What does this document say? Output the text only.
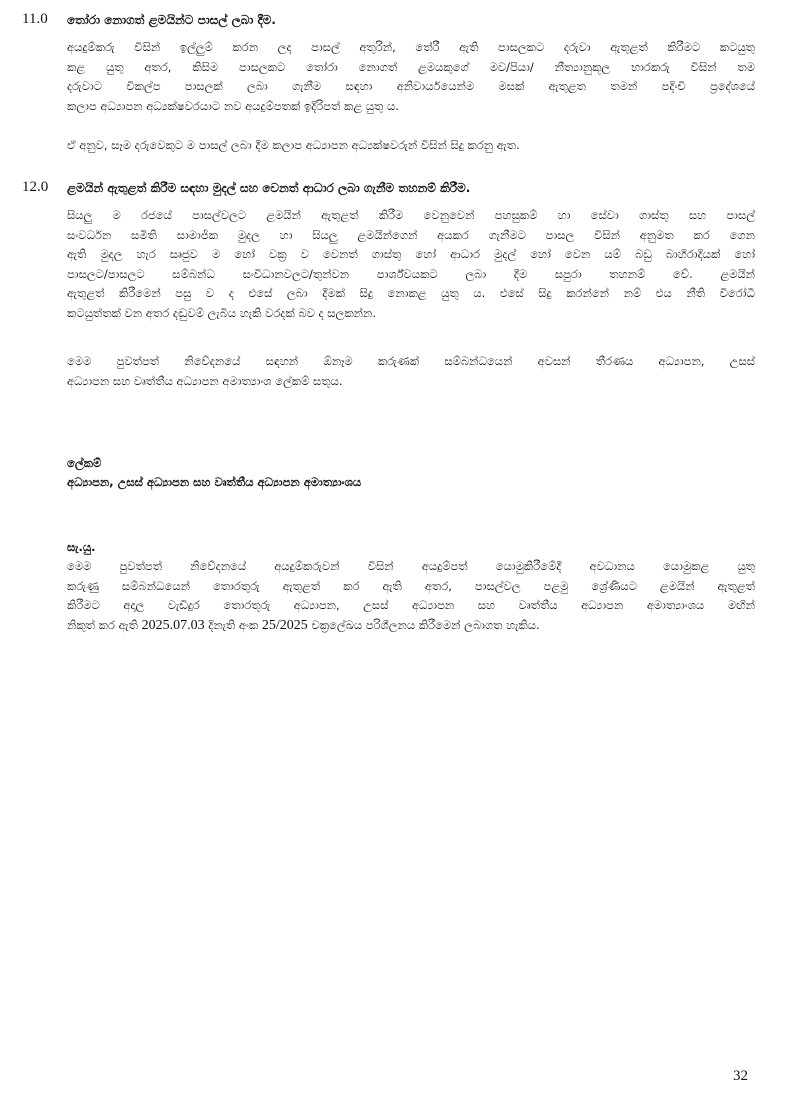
11.0 තෝරා නොගත් ළමයින්ට පාසල් ලබා දීම.
අයදුම්කරු විසින් ඉල්ලුම් කරන ලද පාසල් අතුරින්, තේරී ඇති පාසලකට දරුවා ඇතුළත් කිරීමට කටයුතු
කළ යුතු අතර, කිසිම පාසලකට තෝරා නොගත් ළමයකුගේ මව/පියා/ නීත්‍යානුකූල භාරකරු විසින් තම
දරුවාට විකල්ප පාසලක් ලබා ගැනීම සඳහා අනිවාර්යයෙන්ම මසක් ඇතුළත තමන් පදිංචි ප්‍රදේශයේ
කලාප අධ්‍යාපන අධ්‍යක්ෂවරයාට නව අයදුම්පතක් ඉදිරිපත් කළ යුතු ය.
ඒ අනුව, සෑම දරුවෙකුට ම පාසල් ලබා දීම කලාප අධ්‍යාපන අධ්‍යක්ෂවරුන් විසින් සිදු කරනු ඇත.
12.0 ළමයින් ඇතුළත් කිරීම සඳහා මුදල් සහ වෙනත් ආධාර ලබා ගැනීම තහනම් කිරීම.
සියලු ම රජයේ පාසල්වලට ළමයින් ඇතුළත් කිරීම වෙනුවෙන් පහසුකම් හා සේවා ගාස්තු සහ පාසල්
සංවර්ධන සමිති සාමාජික මුදල හා සියලු ළමයින්ගෙන් අයකර ගැනීමට පාසල විසින් අනුමත කර ගෙන
ඇති මුදල හැර සෘජුව ම හෝ වක්‍ර ව වෙනත් ගාස්තු හෝ ආධාර මුදල් හෝ වෙන යම් බඩු බාහිරාදියක් හෝ
පාසලට/පාසලට සම්බන්ධ සංවිධානවලට/තුන්වන පාර්ශ්වයකට ලබා දීම සපුරා තහනම් වේ. ළමයින්
ඇතුළත් කිරීමෙන් පසු ව ද එසේ ලබා දීමක් සිදු නොකළ යුතු ය. එසේ සිදු කරන්නේ නම් එය නීති විරෝධී
කටයුත්තක් වන අතර දඬුවම් ලැබිය හැකි වරදක් බව ද සලකන්න.
මෙම පුවත්පත් නිවේදනයේ සඳහන් ඕනෑම කරුණක් සම්බන්ධයෙන් අවසන් තීරණය අධ්‍යාපන, උසස්
අධ්‍යාපන සහ වෘත්තීය අධ්‍යාපන අමාත්‍යාංශ ලේකම් සතුය.
ලේකම්
අධ්‍යාපන, උසස් අධ්‍යාපන සහ වෘත්තීය අධ්‍යාපන අමාත්‍යාංශය
සැ.යු.
මෙම පුවත්පත් නිවේදනයේ අයදුම්කරුවන් විසින් අයදුම්පත් යොමුකිරීමේදී අවධානය යොමුකළ යුතු
කරුණු සම්බන්ධයෙන් තොරතුරු ඇතුළත් කර ඇති අතර, පාසල්වල පළමු ශ්‍රේණියට ළමයින් ඇතුළත්
කිරීමට අදාල වැඩිදුර තොරතුරු අධ්‍යාපන, උසස් අධ්‍යාපන සහ වෘත්තීය අධ්‍යාපන අමාත්‍යාංශය මඟින්
නිකුත් කර ඇති 2025.07.03 දිනැති අංක 25/2025 චක්‍රලේඛය පරිශීලනය කිරීමෙන් ලබාගත හැකිය.
32
